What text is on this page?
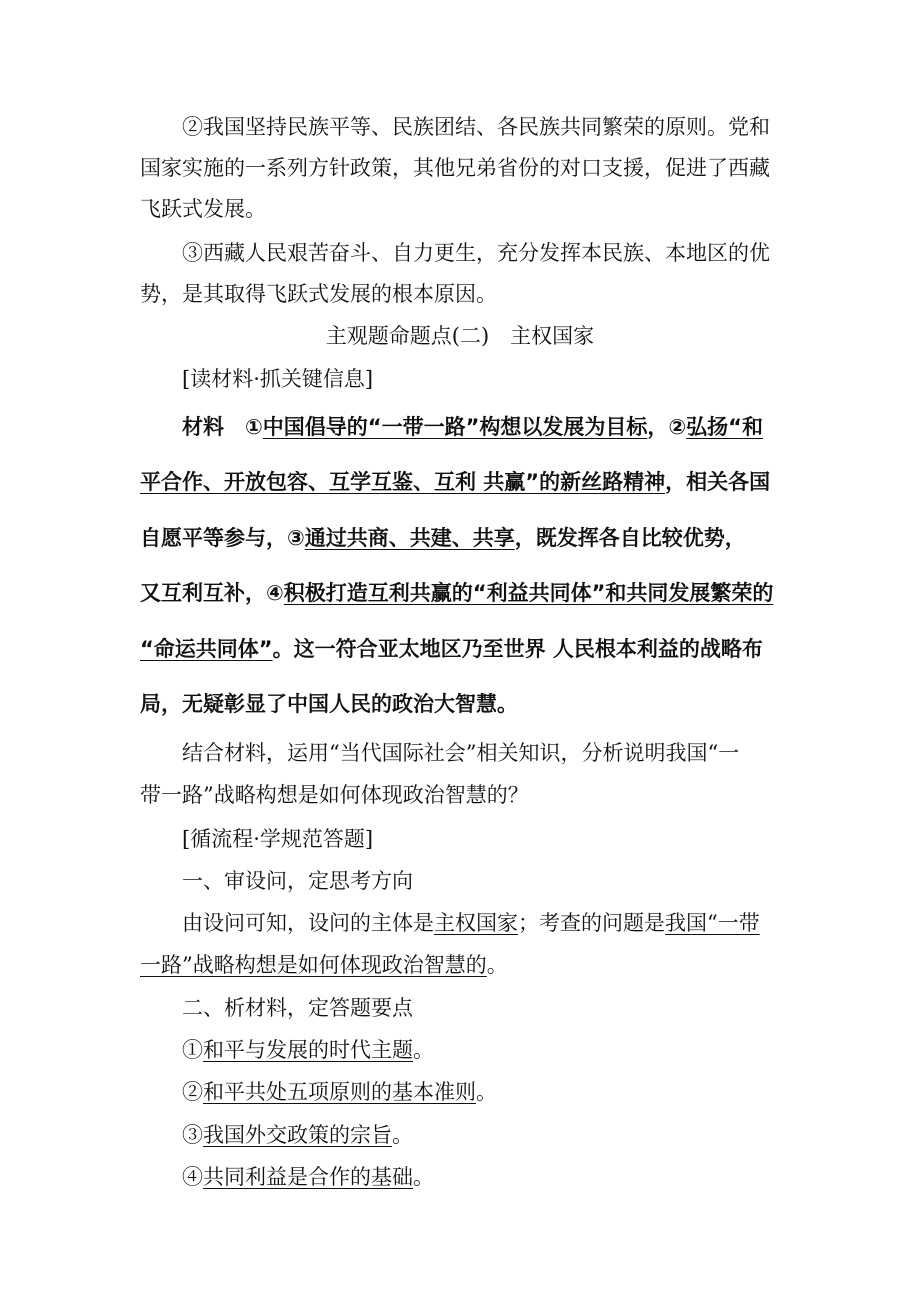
②我国坚持民族平等、民族团结、各民族共同繁荣的原则。党和
国家实施的一系列方针政策，其他兄弟省份的对口支援，促进了西藏
飞跃式发展。
③西藏人民艰苦奋斗、自力更生，充分发挥本民族、本地区的优
势，是其取得飞跃式发展的根本原因。
主观题命题点(二)　主权国家
[读材料·抓关键信息]
材料　①中国倡导的“一带一路”构想以发展为目标，②弘扬“和
平合作、开放包容、互学互鉴、互利 共赢”的新丝路精神，相关各国
自愿平等参与，③通过共商、共建、共享，既发挥各自比较优势，
又互利互补，④积极打造互利共赢的“利益共同体”和共同发展繁荣的
“命运共同体”。这一符合亚太地区乃至世界 人民根本利益的战略布
局，无疑彰显了中国人民的政治大智慧。
结合材料，运用“当代国际社会”相关知识，分析说明我国“一
带一路”战略构想是如何体现政治智慧的？
[循流程·学规范答题]
一、审设问，定思考方向
由设问可知，设问的主体是主权国家；考查的问题是我国“一带
一路”战略构想是如何体现政治智慧的。
二、析材料，定答题要点
①和平与发展的时代主题。
②和平共处五项原则的基本准则。
③我国外交政策的宗旨。
④共同利益是合作的基础。
